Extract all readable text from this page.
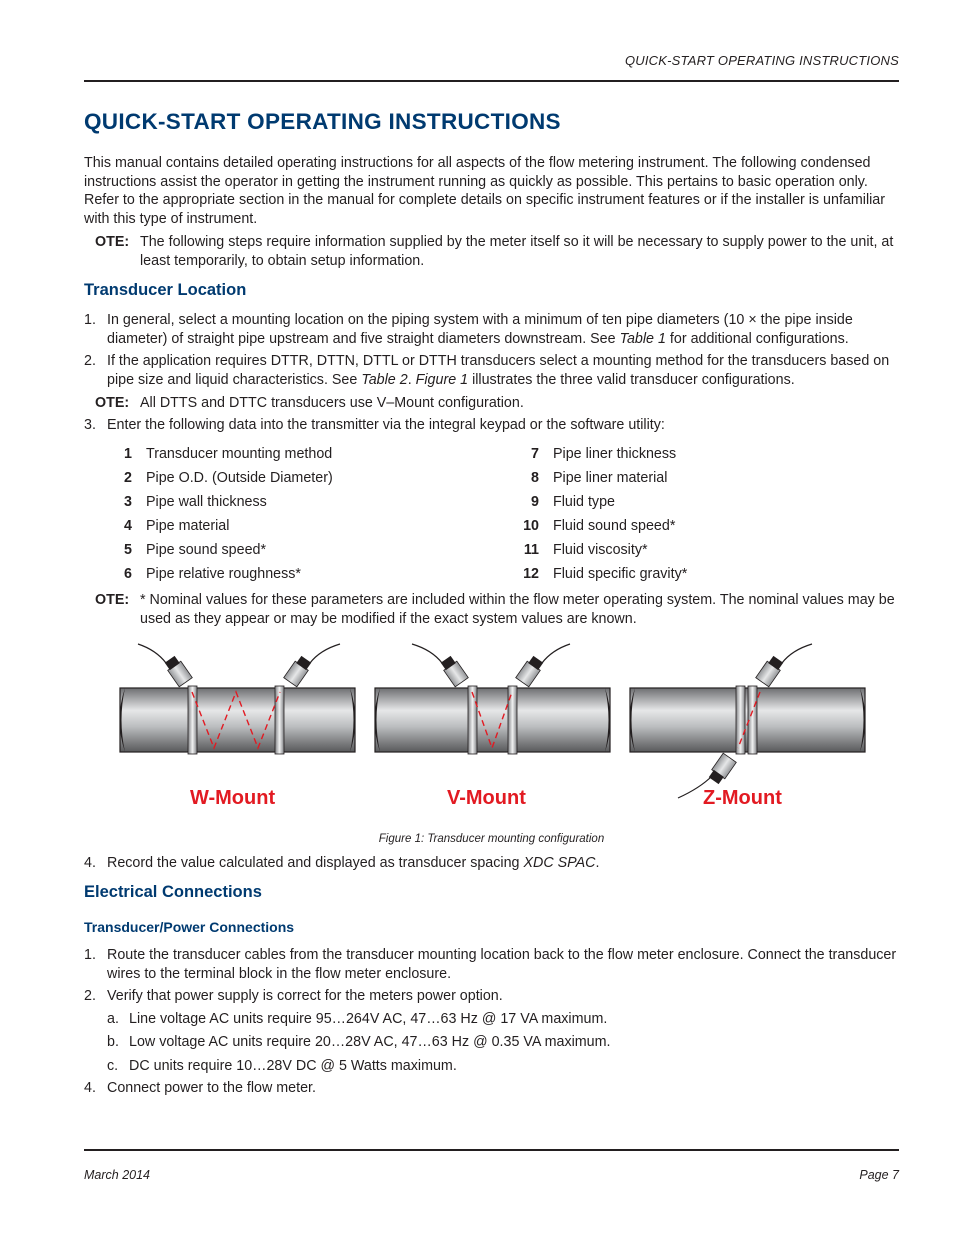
QUICK-START OPERATING INSTRUCTIONS
QUICK-START OPERATING INSTRUCTIONS

This manual contains detailed operating instructions for all aspects of the flow metering instrument. The following condensed instructions assist the operator in getting the instrument running as quickly as possible. This pertains to basic operation only. Refer to the appropriate section in the manual for complete details on specific instrument features or if the installer is unfamiliar with this type of instrument.

OTE: The following steps require information supplied by the meter itself so it will be necessary to supply power to the unit, at least temporarily, to obtain setup information.
Transducer Location
1. In general, select a mounting location on the piping system with a minimum of ten pipe diameters (10 × the pipe inside diameter) of straight pipe upstream and five straight diameters downstream. See Table 1 for additional configurations.
2. If the application requires DTTR, DTTN, DTTL or DTTH transducers select a mounting method for the transducers based on pipe size and liquid characteristics. See Table 2. Figure 1 illustrates the three valid transducer configurations.
OTE: All DTTS and DTTC transducers use V–Mount configuration.
3. Enter the following data into the transmitter via the integral keypad or the software utility:
1 Transducer mounting method
2 Pipe O.D. (Outside Diameter)
3 Pipe wall thickness
4 Pipe material
5 Pipe sound speed*
6 Pipe relative roughness*
7 Pipe liner thickness
8 Pipe liner material
9 Fluid type
10 Fluid sound speed*
11 Fluid viscosity*
12 Fluid specific gravity*
OTE: * Nominal values for these parameters are included within the flow meter operating system. The nominal values may be used as they appear or may be modified if the exact system values are known.
W-Mount	V-Mount	Z-Mount
Figure 1: Transducer mounting configuration
4. Record the value calculated and displayed as transducer spacing XDC SPAC.
Electrical Connections
Transducer/Power Connections
1. Route the transducer cables from the transducer mounting location back to the flow meter enclosure. Connect the transducer wires to the terminal block in the flow meter enclosure.
2. Verify that power supply is correct for the meters power option.
a. Line voltage AC units require 95…264V AC, 47…63 Hz @ 17 VA maximum.
b. Low voltage AC units require 20…28V AC, 47…63 Hz @ 0.35 VA maximum.
c. DC units require 10…28V DC @ 5 Watts maximum.
4. Connect power to the flow meter.
March 2014	Page 7
